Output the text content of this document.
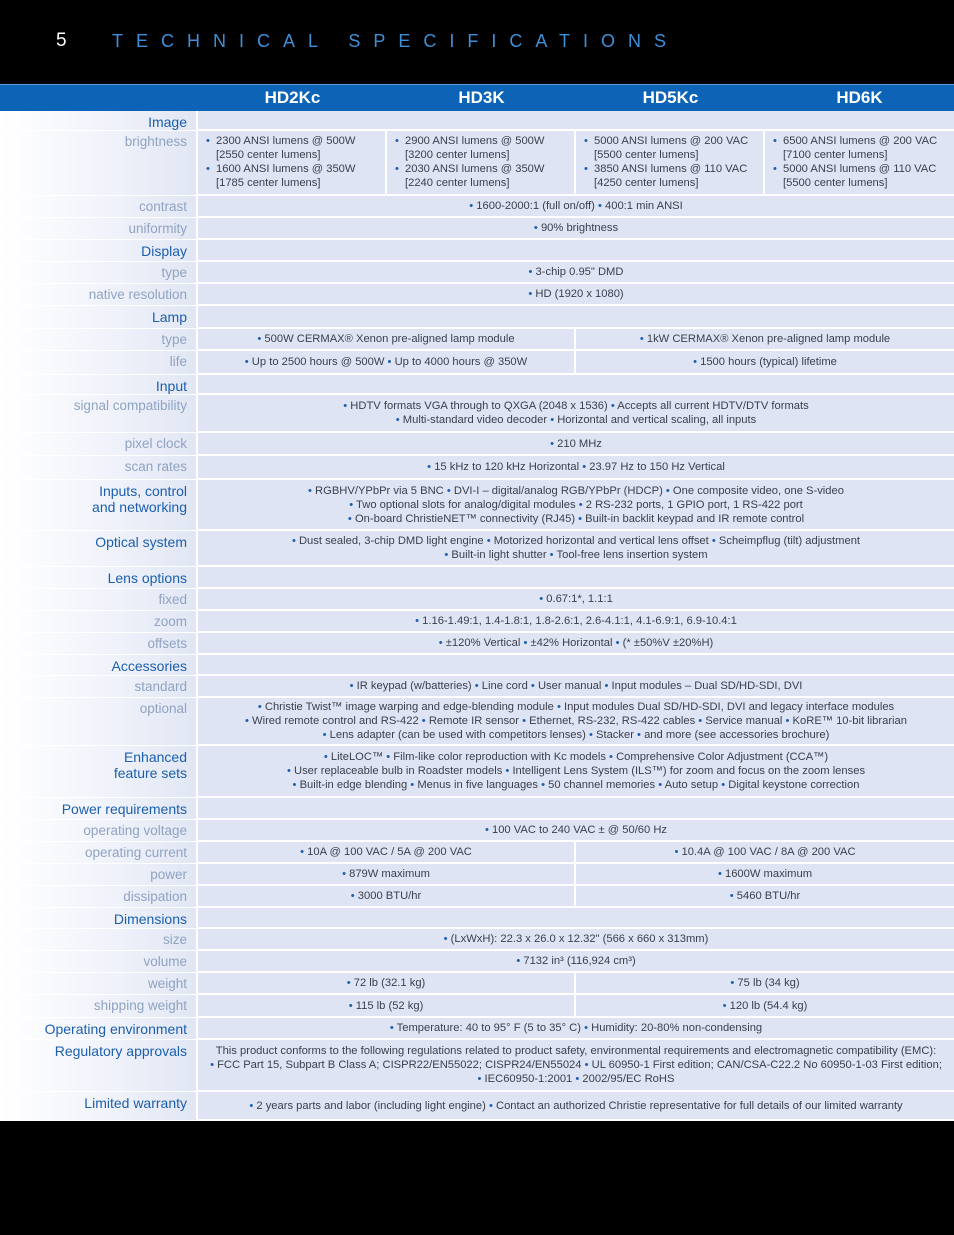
5 TECHNICAL SPECIFICATIONS
HD2Kc	HD3K	HD5Kc	HD6K
Image
brightness
•	2300 ANSI lumens @ 500W
[2550 center lumens]
• 1600 ANSI lumens @ 350W
[1785 center lumens]
• 2900 ANSI lumens @ 500W
[3200 center lumens]
• 2030 ANSI lumens @ 350W
[2240 center lumens]
• 5000 ANSI lumens @ 200 VAC
[5500 center lumens]
• 3850 ANSI lumens @ 110 VAC
[4250 center lumens]
• 6500 ANSI lumens @ 200 VAC
[7100 center lumens]
• 5000 ANSI lumens @ 110 VAC
[5500 center lumens]
contrast	• 1600-2000:1 (full on/off) • 400:1 min ANSI
uniformity	• 90% brightness
Display
type	• 3-chip 0.95" DMD
native resolution	• HD (1920 x 1080)
Lamp
type	• 500W CERMAX® Xenon pre-aligned lamp module	• 1kW CERMAX® Xenon pre-aligned lamp module
life	• Up to 2500 hours @ 500W • Up to 4000 hours @ 350W	• 1500 hours (typical) lifetime
Input
signal compatibility	• HDTV formats VGA through to QXGA (2048 x 1536) • Accepts all current HDTV/DTV formats
• Multi-standard video decoder • Horizontal and vertical scaling, all inputs
pixel clock	• 210 MHz
scan rates	• 15 kHz to 120 kHz Horizontal • 23.97 Hz to 150 Hz Vertical
Inputs, control
and networking
• RGBHV/YPbPr via 5 BNC • DVI-I – digital/analog RGB/YPbPr (HDCP) • One composite video, one S-video
• Two optional slots for analog/digital modules • 2 RS-232 ports, 1 GPIO port, 1 RS-422 port
• On-board ChristieNET™ connectivity (RJ45) • Built-in backlit keypad and IR remote control
Optical system	• Dust sealed, 3-chip DMD light engine • Motorized horizontal and vertical lens offset • Scheimpflug (tilt) adjustment
• Built-in light shutter • Tool-free lens insertion system
Lens options
fixed	• 0.67:1*, 1.1:1
zoom	• 1.16-1.49:1, 1.4-1.8:1, 1.8-2.6:1, 2.6-4.1:1, 4.1-6.9:1, 6.9-10.4:1
offsets	• ±120% Vertical • ±42% Horizontal • (* ±50%V ±20%H)
Accessories
standard	• IR keypad (w/batteries) • Line cord • User manual • Input modules – Dual SD/HD-SDI, DVI
optional	• Christie Twist™ image warping and edge-blending module • Input modules Dual SD/HD-SDI, DVI and legacy interface modules
• Wired remote control and RS-422 • Remote IR sensor • Ethernet, RS-232, RS-422 cables • Service manual • KoRE™ 10-bit librarian
• Lens adapter (can be used with competitors lenses) • Stacker • and more (see accessories brochure)
Enhanced
feature sets
• LiteLOC™ • Film-like color reproduction with Kc models • Comprehensive Color Adjustment (CCA™)
• User replaceable bulb in Roadster models • Intelligent Lens System (ILS™) for zoom and focus on the zoom lenses
• Built-in edge blending • Menus in five languages • 50 channel memories • Auto setup • Digital keystone correction
Power requirements
operating voltage	• 100 VAC to 240 VAC ± @ 50/60 Hz
operating current	• 10A @ 100 VAC / 5A @ 200 VAC	• 10.4A @ 100 VAC / 8A @ 200 VAC
power	• 879W maximum	• 1600W maximum
dissipation	• 3000 BTU/hr	• 5460 BTU/hr
Dimensions
size	• (LxWxH): 22.3 x 26.0 x 12.32" (566 x 660 x 313mm)
volume	• 7132 in³ (116,924 cm³)
weight	• 72 lb (32.1 kg)	• 75 lb (34 kg)
shipping weight	• 115 lb (52 kg)	• 120 lb (54.4 kg)
Operating environment	• Temperature: 40 to 95° F (5 to 35° C) • Humidity: 20-80% non-condensing
Regulatory approvals	This product conforms to the following regulations related to product safety, environmental requirements and electromagnetic compatibility (EMC):
• FCC Part 15, Subpart B Class A; CISPR22/EN55022; CISPR24/EN55024 • UL 60950-1 First edition; CAN/CSA-C22.2 No 60950-1-03 First edition;
• IEC60950-1:2001 • 2002/95/EC RoHS
Limited warranty	• 2 years parts and labor (including light engine) • Contact an authorized Christie representative for full details of our limited warranty
